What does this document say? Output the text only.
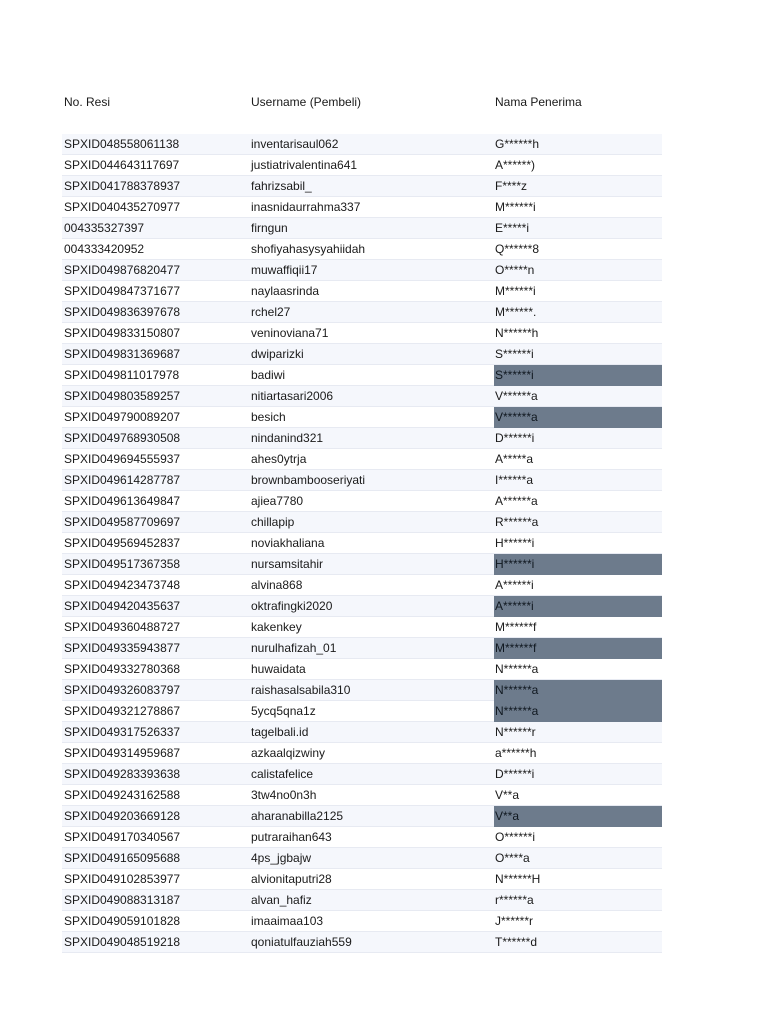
No. Resi	Username (Pembeli)	Nama Penerima
SPXID048558061138	inventarisaul062	G******h
SPXID044643117697	justiatrivalentina641	A******)
SPXID041788378937	fahrizsabil_	F****z
SPXID040435270977	inasnidaurrahma337	M******i
004335327397	firngun	E*****i
004333420952	shofiyahasysyahiidah	Q******8
SPXID049876820477	muwaffiqii17	O*****n
SPXID049847371677	naylaasrinda	M******i
SPXID049836397678	rchel27	M******.
SPXID049833150807	veninoviana71	N******h
SPXID049831369687	dwiparizki	S******i
SPXID049811017978	badiwi	S******i
SPXID049803589257	nitiartasari2006	V******a
SPXID049790089207	besich	V******a
SPXID049768930508	nindanind321	D******i
SPXID049694555937	ahes0ytrja	A*****a
SPXID049614287787	brownbambooseriyati	I******a
SPXID049613649847	ajiea7780	A******a
SPXID049587709697	chillapip	R******a
SPXID049569452837	noviakhaliana	H******i
SPXID049517367358	nursamsitahir	H******i
SPXID049423473748	alvina868	A******i
SPXID049420435637	oktrafingki2020	A******i
SPXID049360488727	kakenkey	M******f
SPXID049335943877	nurulhafizah_01	M******f
SPXID049332780368	huwaidata	N******a
SPXID049326083797	raishasalsabila310	N******a
SPXID049321278867	5ycq5qna1z	N******a
SPXID049317526337	tagelbali.id	N******r
SPXID049314959687	azkaalqizwiny	a******h
SPXID049283393638	calistafelice	D******i
SPXID049243162588	3tw4no0n3h	V**a
SPXID049203669128	aharanabilla2125	V**a
SPXID049170340567	putraraihan643	O******i
SPXID049165095688	4ps_jgbajw	O****a
SPXID049102853977	alvionitaputri28	N******H
SPXID049088313187	alvan_hafiz	r******a
SPXID049059101828	imaaimaa103	J******r
SPXID049048519218	qoniatulfauziah559	T******d
